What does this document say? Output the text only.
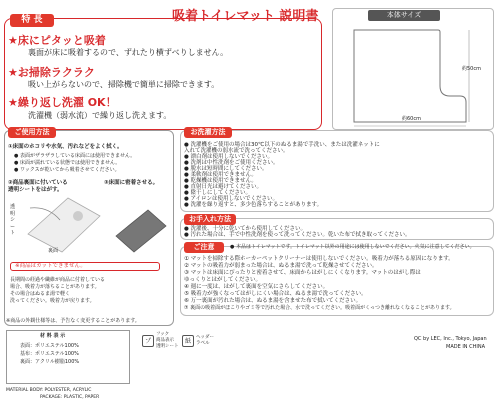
吸着トイレマット 説明書
特 長
★床にピタッと吸着
裏面が床に吸着するので、ずれたり横ずべりしません。
★お掃除ラクラク
吸い上がらないので、掃除機で簡単に掃除できます。
★繰り返し洗濯 OK！
洗濯機（弱水流）で繰り返し洗えます。
本体サイズ
約60cm
約50cm
ご使用方法
①床面のホコリや水気、汚れなどをよく拭く。
● 表面がザラザラしている床面には使用できません。
● 床面が濡れている状態では使用できません。
● ワックスが乾いてから吸着させてください。
②商品裏面に付いている
透明シートをはがす。
③床面に密着させる。
透明シート
裏面
※商品はカットできません。
長期間の経過や繊維が商品に付着している
場合、吸着力が落ちることがあります。
その場合はぬるま湯で軽く
洗ってください。吸着力が戻ります。
※商品の外観仕様等は、予告なく変更することがあります。
材 料 表 示
表面：ポリエステル100%
基布：ポリエステル100%
裏面：アクリル樹脂100%
MATERIAL BODY: POLYESTER, ACRYLIC
PACKAGE: PLASTIC, PAPER
お洗濯方法
● 洗濯機をご使用の場合は30℃以下のぬるま湯で手洗い、または洗濯ネットに
入れて洗濯機の弱水流で洗ってください。
● 漂白剤は使用しないでください。
● 洗剤は中性洗剤をご使用ください。
● 脱水は短時間にしてください。
● 柔軟剤は使用できません。
● 乾燥機は使用できません。
● 直射日光は避けてください。
● 陰干しにしてください。
● アイロンは使用しないでください。
● 洗濯を繰り返すと、多少色落ちすることがあります。
お手入れ方法
● 洗濯後、十分に乾いてから使用してください。
● 汚れた場合は、手で中性洗剤を使って洗ってください。乾いた布で拭き取ってください。
ご注意	● 本品はトイレマットです。トイレマット以外の用途には使用しないでください。火気に注意してください。
① マットを掃除する際ホーカーペットクリーナーは使用しないでください。吸着力が落ちる原因になります。
② マットの吸着力が弱まった場合は、ぬるま湯で洗って乾燥させてください。
③ マットは床面にぴったりと密着させて、床面からはがしにくくなります。マットのはがし際は
ゆっくりとはがしてください。
④ 週に一度は、はがして裏面を空気にさらしてください。
⑤ 吸着力が強くなってはがしにくい場合は、ぬるま湯で洗ってください。
⑥ 万一裏面が汚れた場合は、ぬるま湯を含ませた布で拭いてください。
⑦ 裏面の吸着面がほこりやゴミ等で汚れた場合、水で洗ってください。吸着面がくっつき離れなくなることがあります。
プ
フック
商品表示
透明シート
紙
ヘッダー
ラベル
QC by LEC, Inc., Tokyo, Japan
MADE IN CHINA
